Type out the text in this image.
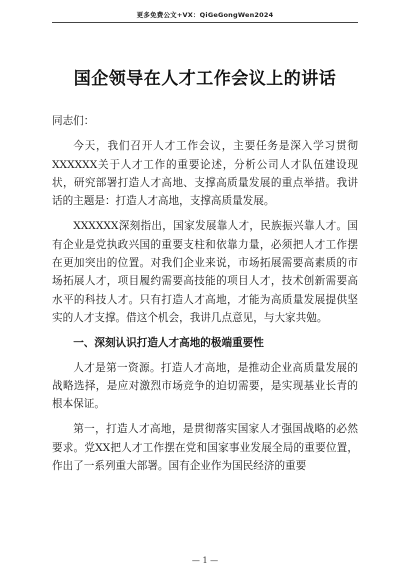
更多免费公文+VX：QiGeGongWen2024
国企领导在人才工作会议上的讲话

同志们：

今天，我们召开人才工作会议，主要任务是深入学习贯彻XXXXXX关于人才工作的重要论述，分析公司人才队伍建设现状，研究部署打造人才高地、支撑高质量发展的重点举措。我讲话的主题是：打造人才高地，支撑高质量发展。

XXXXXX深刻指出，国家发展靠人才，民族振兴靠人才。国有企业是党执政兴国的重要支柱和依靠力量，必须把人才工作摆在更加突出的位置。对我们企业来说，市场拓展需要高素质的市场拓展人才，项目履约需要高技能的项目人才，技术创新需要高水平的科技人才。只有打造人才高地，才能为高质量发展提供坚实的人才支撑。借这个机会，我讲几点意见，与大家共勉。

一、深刻认识打造人才高地的极端重要性

人才是第一资源。打造人才高地，是推动企业高质量发展的战略选择，是应对激烈市场竞争的迫切需要，是实现基业长青的根本保证。

第一，打造人才高地，是贯彻落实国家人才强国战略的必然要求。党XX把人才工作摆在党和国家事业发展全局的重要位置，作出了一系列重大部署。国有企业作为国民经济的重要

— 1 —
